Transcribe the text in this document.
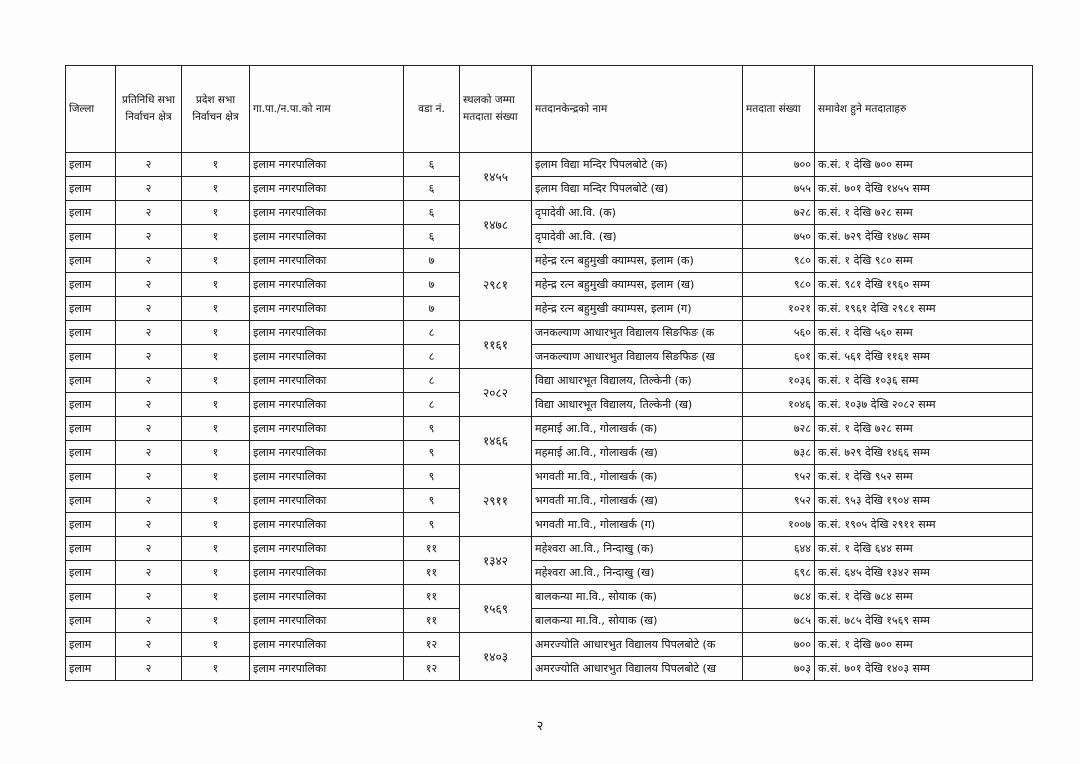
जिल्ला	प्रतिनिधि सभा निर्वाचन क्षेत्र	प्रदेश सभा निर्वाचन क्षेत्र	गा.पा./न.पा.को नाम	वडा नं.	स्थलको जम्मा मतदाता संख्या	मतदानकेन्द्रको नाम	मतदाता संख्या	समावेश हुने मतदाताहरु
इलाम	२	१	इलाम नगरपालिका	६	१४५५	इलाम विद्या मन्दिर पिपलबोटे (क)	७००	क.सं. १ देखि ७०० सम्म
इलाम	२	१	इलाम नगरपालिका	६		इलाम विद्या मन्दिर पिपलबोटे (ख)	७५५	क.सं. ७०१ देखि १४५५ सम्म
इलाम	२	१	इलाम नगरपालिका	६	१४७८	दृपादेवी आ.वि. (क)	७२८	क.सं. १ देखि ७२८ सम्म
इलाम	२	१	इलाम नगरपालिका	६		दृपादेवी आ.वि. (ख)	७५०	क.सं. ७२९ देखि १४७८ सम्म
इलाम	२	१	इलाम नगरपालिका	७	२९८१	महेन्द्र रत्न बहुमुखी क्याम्पस, इलाम (क)	९८०	क.सं. १ देखि ९८० सम्म
इलाम	२	१	इलाम नगरपालिका	७		महेन्द्र रत्न बहुमुखी क्याम्पस, इलाम (ख)	९८०	क.सं. ९८१ देखि १९६० सम्म
इलाम	२	१	इलाम नगरपालिका	७		महेन्द्र रत्न बहुमुखी क्याम्पस, इलाम (ग)	१०२१	क.सं. १९६१ देखि २९८१ सम्म
इलाम	२	१	इलाम नगरपालिका	८	११६१	जनकल्याण आधारभुत विद्यालय सिङफिङ (क	५६०	क.सं. १ देखि ५६० सम्म
इलाम	२	१	इलाम नगरपालिका	८		जनकल्याण आधारभुत विद्यालय सिङफिङ (ख	६०१	क.सं. ५६१ देखि ११६१ सम्म
इलाम	२	१	इलाम नगरपालिका	८	२०८२	विद्या आधारभूत विद्यालय, तिल्केनी (क)	१०३६	क.सं. १ देखि १०३६ सम्म
इलाम	२	१	इलाम नगरपालिका	८		विद्या आधारभूत विद्यालय, तिल्केनी (ख)	१०४६	क.सं. १०३७ देखि २०८२ सम्म
इलाम	२	१	इलाम नगरपालिका	९	१४६६	महमाई आ.वि., गोलाखर्क (क)	७२८	क.सं. १ देखि ७२८ सम्म
इलाम	२	१	इलाम नगरपालिका	९		महमाई आ.वि., गोलाखर्क (ख)	७३८	क.सं. ७२९ देखि १४६६ सम्म
इलाम	२	१	इलाम नगरपालिका	९	२९११	भगवती मा.वि., गोलाखर्क (क)	९५२	क.सं. १ देखि ९५२ सम्म
इलाम	२	१	इलाम नगरपालिका	९		भगवती मा.वि., गोलाखर्क (ख)	९५२	क.सं. ९५३ देखि १९०४ सम्म
इलाम	२	१	इलाम नगरपालिका	९		भगवती मा.वि., गोलाखर्क (ग)	१००७	क.सं. १९०५ देखि २९११ सम्म
इलाम	२	१	इलाम नगरपालिका	११	१३४२	महेश्वरा आ.वि., निन्दाखु (क)	६४४	क.सं. १ देखि ६४४ सम्म
इलाम	२	१	इलाम नगरपालिका	११		महेश्वरा आ.वि., निन्दाखु (ख)	६९८	क.सं. ६४५ देखि १३४२ सम्म
इलाम	२	१	इलाम नगरपालिका	११	१५६९	बालकन्या मा.वि., सोयाक (क)	७८४	क.सं. १ देखि ७८४ सम्म
इलाम	२	१	इलाम नगरपालिका	११		बालकन्या मा.वि., सोयाक (ख)	७८५	क.सं. ७८५ देखि १५६९ सम्म
इलाम	२	१	इलाम नगरपालिका	१२	१४०३	अमरज्योति आधारभुत विद्यालय पिपलबोटे (क	७००	क.सं. १ देखि ७०० सम्म
इलाम	२	१	इलाम नगरपालिका	१२		अमरज्योति आधारभुत विद्यालय पिपलबोटे (ख	७०३	क.सं. ७०१ देखि १४०३ सम्म
२
